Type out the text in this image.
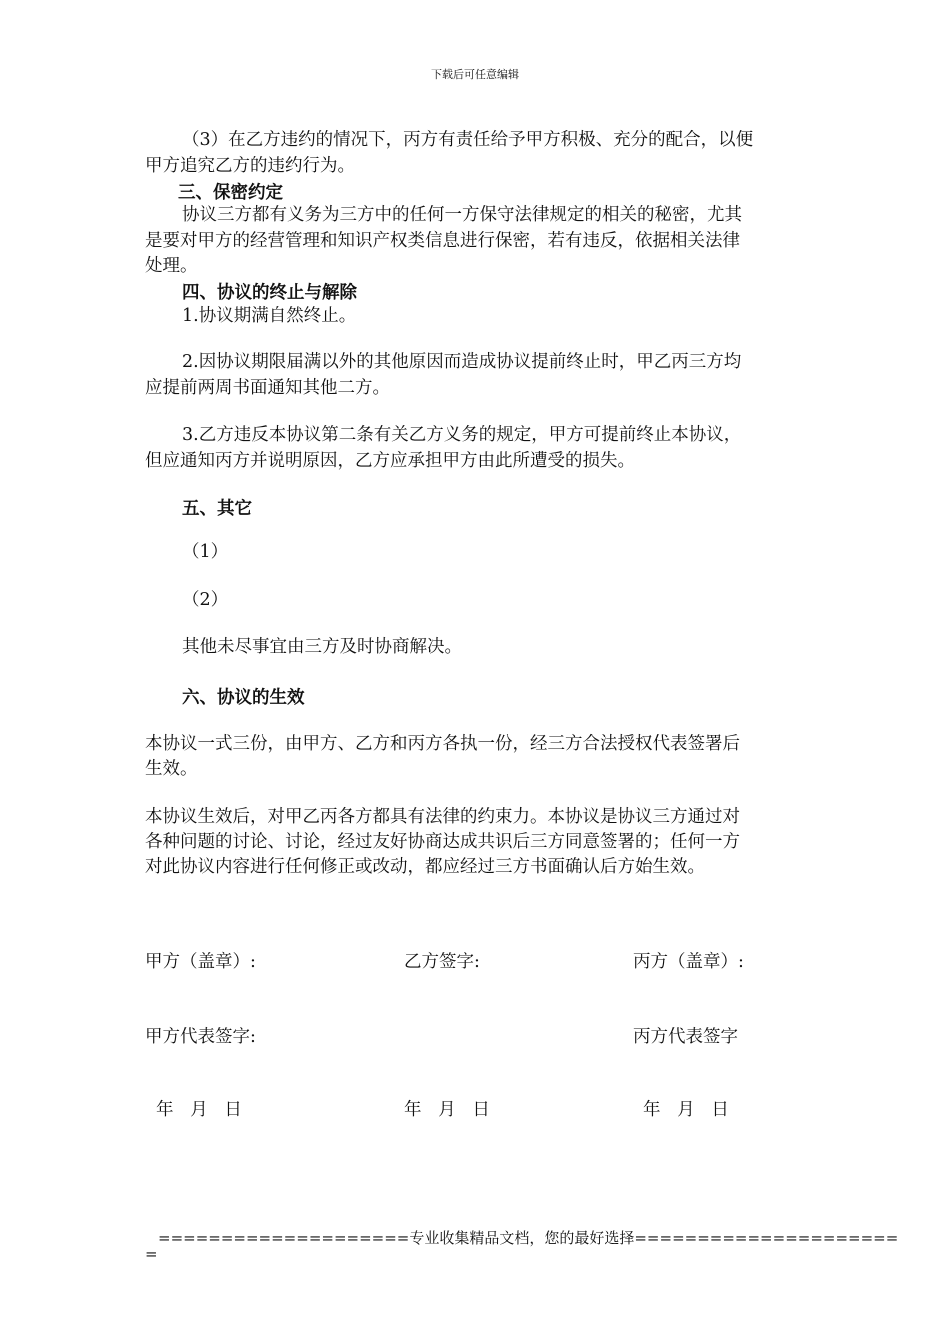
下载后可任意编辑
（3）在乙方违约的情况下，丙方有责任给予甲方积极、充分的配合，以便
甲方追究乙方的违约行为。
三、保密约定
协议三方都有义务为三方中的任何一方保守法律规定的相关的秘密，尤其
是要对甲方的经营管理和知识产权类信息进行保密，若有违反，依据相关法律
处理。
四、协议的终止与解除
1.协议期满自然终止。
2.因协议期限届满以外的其他原因而造成协议提前终止时，甲乙丙三方均
应提前两周书面通知其他二方。
3.乙方违反本协议第二条有关乙方义务的规定，甲方可提前终止本协议，
但应通知丙方并说明原因，乙方应承担甲方由此所遭受的损失。
五、其它
（1）
（2）
其他未尽事宜由三方及时协商解决。
六、协议的生效
本协议一式三份，由甲方、乙方和丙方各执一份，经三方合法授权代表签署后
生效。
本协议生效后，对甲乙丙各方都具有法律的约束力。本协议是协议三方通过对
各种问题的讨论、讨论，经过友好协商达成共识后三方同意签署的；任何一方
对此协议内容进行任何修正或改动，都应经过三方书面确认后方始生效。
甲方（盖章）:	乙方签字:	丙方（盖章）:
甲方代表签字:	丙方代表签字
年   月   日	年   月   日	年   月   日
====================专业收集精品文档，您的最好选择=====================
=
